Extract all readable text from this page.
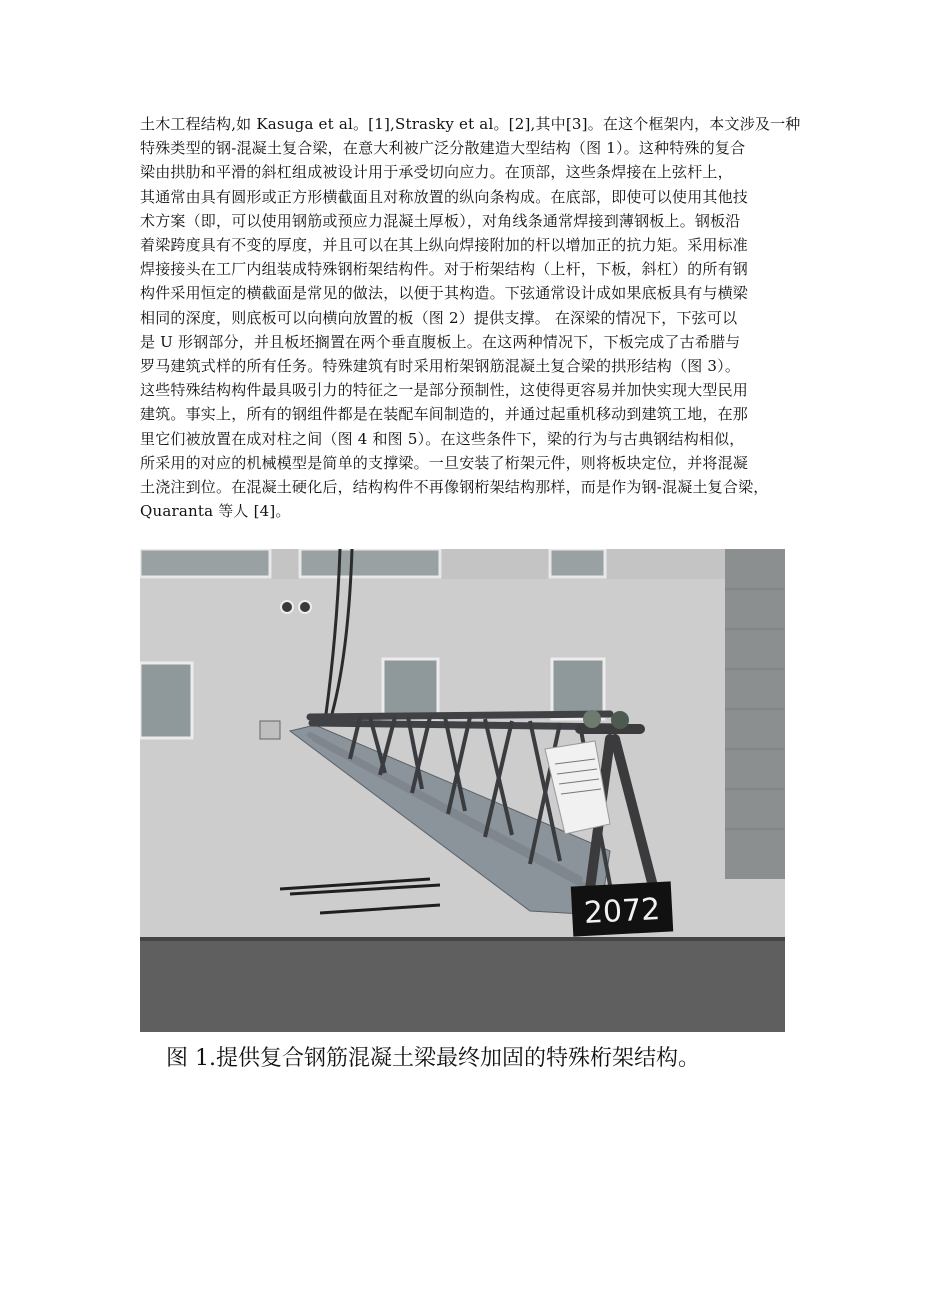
土木工程结构,如 Kasuga et al。[1],Strasky et al。[2],其中[3]。在这个框架内，本文涉及一种
特殊类型的钢-混凝土复合梁，在意大利被广泛分散建造大型结构（图 1）。这种特殊的复合
梁由拱肋和平滑的斜杠组成被设计用于承受切向应力。在顶部，这些条焊接在上弦杆上，
其通常由具有圆形或正方形横截面且对称放置的纵向条构成。在底部，即使可以使用其他技
术方案（即，可以使用钢筋或预应力混凝土厚板），对角线条通常焊接到薄钢板上。钢板沿
着梁跨度具有不变的厚度，并且可以在其上纵向焊接附加的杆以增加正的抗力矩。采用标准
焊接接头在工厂内组装成特殊钢桁架结构件。对于桁架结构（上杆，下板，斜杠）的所有钢
构件采用恒定的横截面是常见的做法，以便于其构造。下弦通常设计成如果底板具有与横梁
相同的深度，则底板可以向横向放置的板（图 2）提供支撑。 在深梁的情况下，下弦可以
是 U 形钢部分，并且板坯搁置在两个垂直腹板上。在这两种情况下，下板完成了古希腊与
罗马建筑式样的所有任务。特殊建筑有时采用桁架钢筋混凝土复合梁的拱形结构（图 3）。
这些特殊结构构件最具吸引力的特征之一是部分预制性，这使得更容易并加快实现大型民用
建筑。事实上，所有的钢组件都是在装配车间制造的，并通过起重机移动到建筑工地，在那
里它们被放置在成对柱之间（图 4 和图 5）。在这些条件下，梁的行为与古典钢结构相似，
所采用的对应的机械模型是简单的支撑梁。一旦安装了桁架元件，则将板块定位，并将混凝
土浇注到位。在混凝土硬化后，结构构件不再像钢桁架结构那样，而是作为钢-混凝土复合梁，
Quaranta 等人 [4]。

2072

图 1.提供复合钢筋混凝土梁最终加固的特殊桁架结构。
